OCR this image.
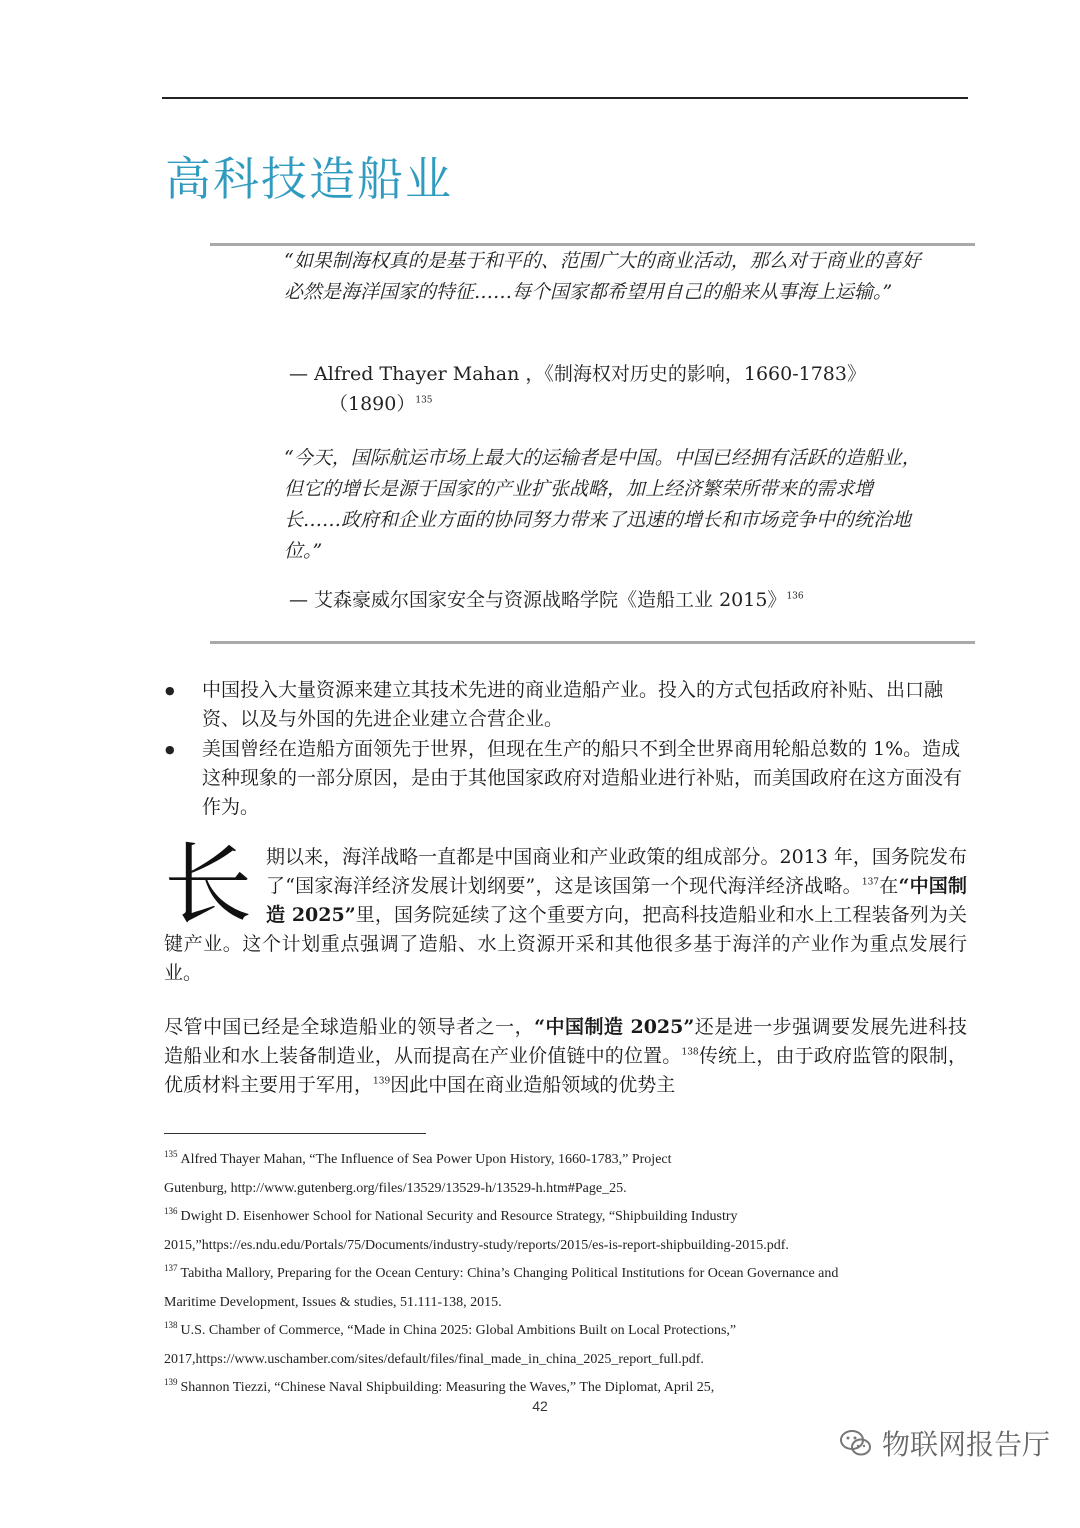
高科技造船业
“如果制海权真的是基于和平的、范围广大的商业活动，那么对于商业的喜好必然是海洋国家的特征……每个国家都希望用自己的船来从事海上运输。”
— Alfred Thayer Mahan ，《制海权对历史的影响，1660-1783》
$(1890)^{135}$
“今天，国际航运市场上最大的运输者是中国。中国已经拥有活跃的造船业，但它的增长是源于国家的产业扩张战略，加上经济繁荣所带来的需求增长……政府和企业方面的协同努力带来了迅速的增长和市场竞争中的统治地位。”
— 艾森豪威尔国家安全与资源战略学院《造船工业 2015》$^{136}$
● 中国投入大量资源来建立其技术先进的商业造船产业。投入的方式包括政府补贴、出口融资、以及与外国的先进企业建立合营企业。
● 美国曾经在造船方面领先于世界，但现在生产的船只不到全世界商用轮船总数的 1%。造成这种现象的一部分原因，是由于其他国家政府对造船业进行补贴，而美国政府在这方面没有作为。

长期以来，海洋战略一直都是中国商业和产业政策的组成部分。2013 年，国务院发布了“国家海洋经济发展计划纲要”，这是该国第一个现代海洋经济战略。$^{137}$在“中国制造 2025”里，国务院延续了这个重要方向，把高科技造船业和水上工程装备列为关键产业。这个计划重点强调了造船、水上资源开采和其他很多基于海洋的产业作为重点发展行业。

尽管中国已经是全球造船业的领导者之一，“中国制造 2025”还是进一步强调要发展先进科技造船业和水上装备制造业，从而提高在产业价值链中的位置。$^{138}$传统上，由于政府监管的限制，优质材料主要用于军用，$^{139}$因此中国在商业造船领域的优势主

$^{135}$ Alfred Thayer Mahan, “The Influence of Sea Power Upon History, 1660-1783,” Project

Gutenburg, http://www.gutenberg.org/files/13529/13529-h/13529-h.htm#Page_25.

$^{136}$ Dwight D. Eisenhower School for National Security and Resource Strategy, “Shipbuilding Industry

2015,”https://es.ndu.edu/Portals/75/Documents/industry-study/reports/2015/es-is-report-shipbuilding-2015.pdf.

$^{137}$ Tabitha Mallory, Preparing for the Ocean Century: China’s Changing Political Institutions for Ocean Governance and

Maritime Development, Issues & studies, 51.111-138, 2015.

$^{138}$ U.S. Chamber of Commerce, “Made in China 2025: Global Ambitions Built on Local Protections,”

2017,https://www.uschamber.com/sites/default/files/final_made_in_china_2025_report_full.pdf.

$^{139}$ Shannon Tiezzi, “Chinese Naval Shipbuilding: Measuring the Waves,” The Diplomat, April 25,

42
物联网报告厅
